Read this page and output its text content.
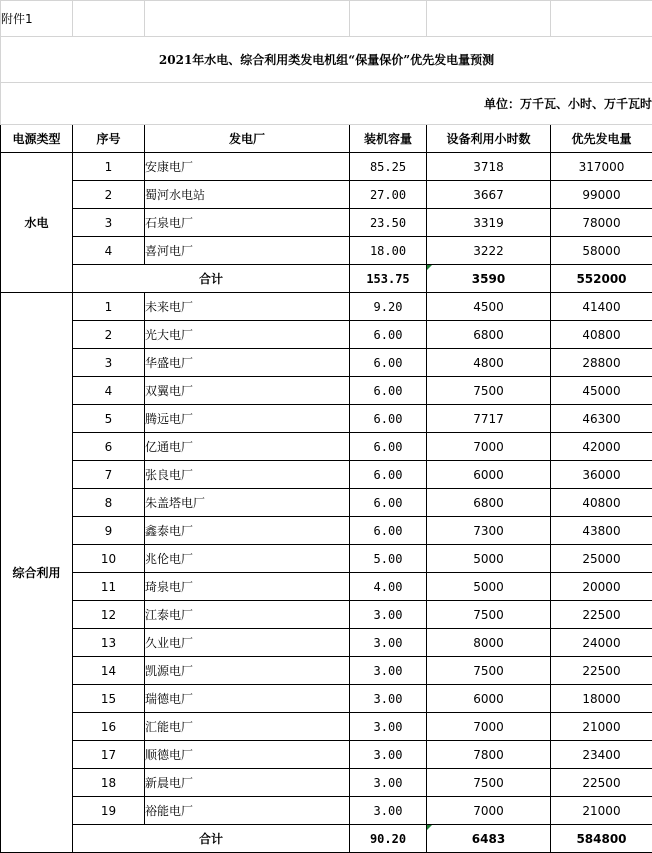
附件1					
2021年水电、综合利用类发电机组“保量保价”优先发电量预测					
单位：万千瓦、小时、万千瓦时					
电源类型	序号	发电厂	装机容量	设备利用小时数	优先发电量
水电	1	安康电厂	85.25	3718	317000
	2	蜀河水电站	27.00	3667	99000
	3	石泉电厂	23.50	3319	78000
	4	喜河电厂	18.00	3222	58000
	合计		153.75	3590	552000
综合利用	1	未来电厂	9.20	4500	41400
	2	光大电厂	6.00	6800	40800
	3	华盛电厂	6.00	4800	28800
	4	双翼电厂	6.00	7500	45000
	5	腾远电厂	6.00	7717	46300
	6	亿通电厂	6.00	7000	42000
	7	张良电厂	6.00	6000	36000
	8	朱盖塔电厂	6.00	6800	40800
	9	鑫泰电厂	6.00	7300	43800
	10	兆伦电厂	5.00	5000	25000
	11	琦泉电厂	4.00	5000	20000
	12	江泰电厂	3.00	7500	22500
	13	久业电厂	3.00	8000	24000
	14	凯源电厂	3.00	7500	22500
	15	瑞德电厂	3.00	6000	18000
	16	汇能电厂	3.00	7000	21000
	17	顺德电厂	3.00	7800	23400
	18	新晨电厂	3.00	7500	22500
	19	裕能电厂	3.00	7000	21000
	合计		90.20	6483	584800
